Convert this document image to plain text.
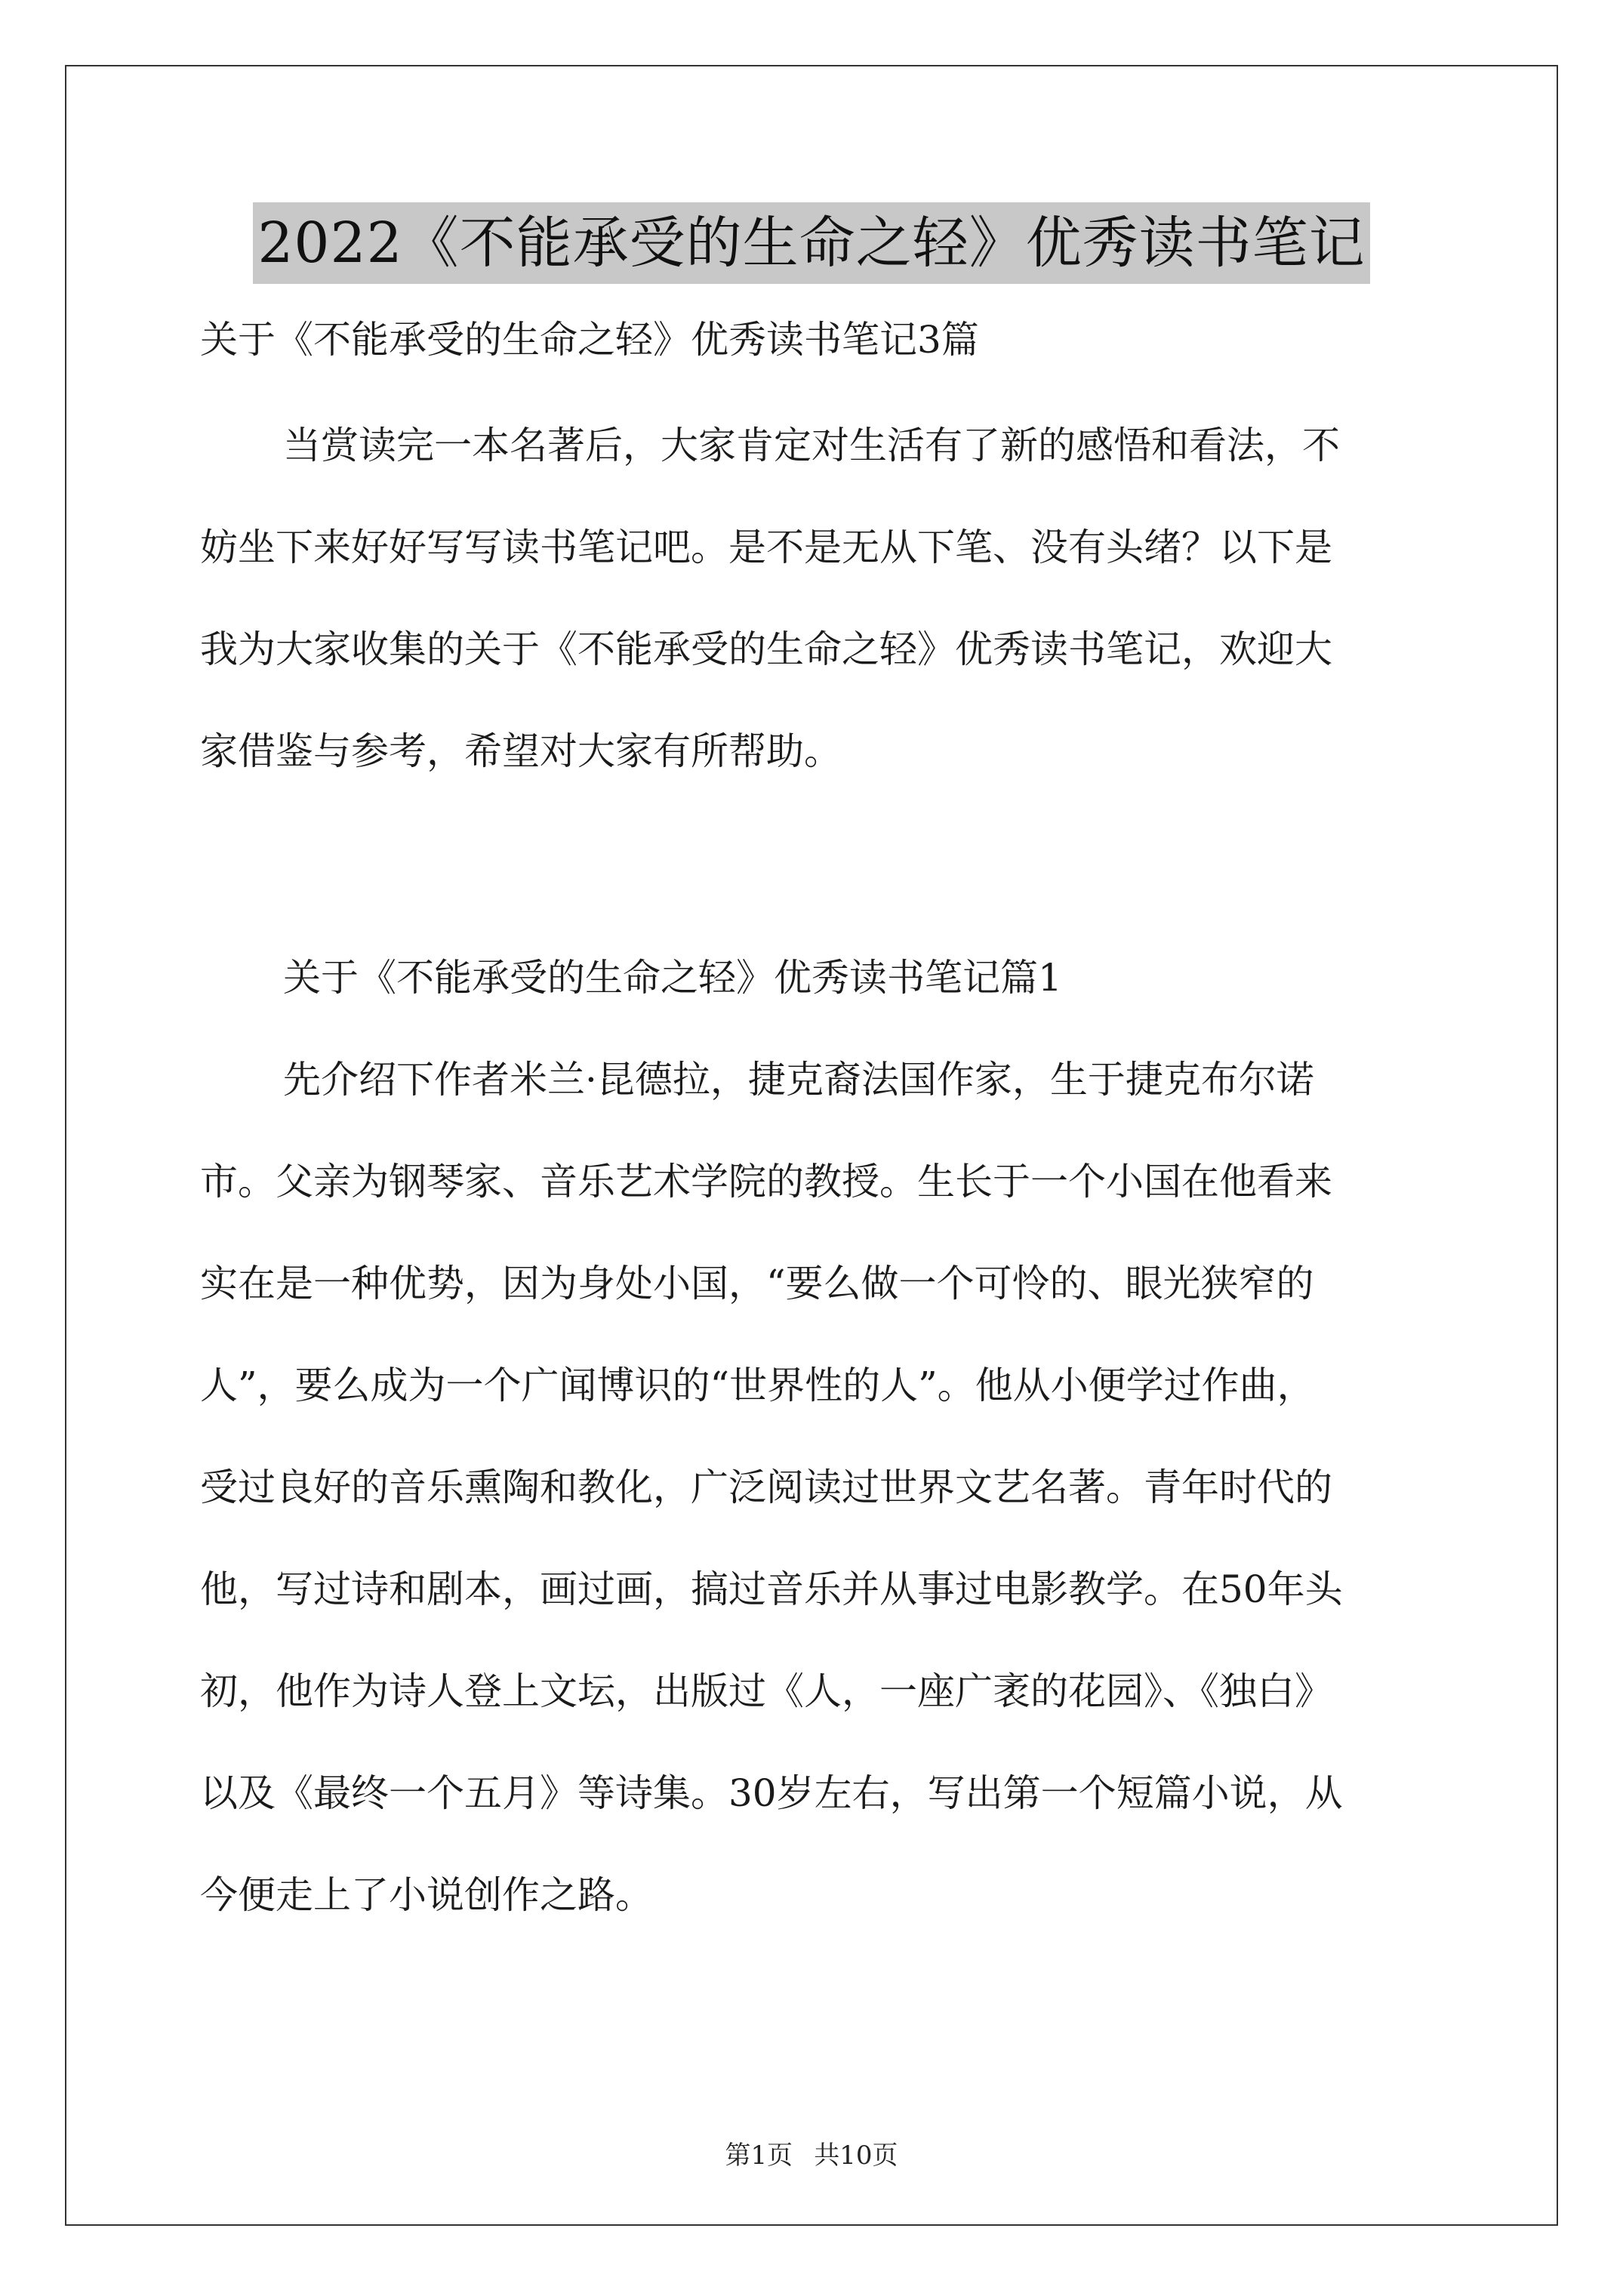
2022《不能承受的生命之轻》优秀读书笔记
关于《不能承受的生命之轻》优秀读书笔记3篇
当赏读完一本名著后，大家肯定对生活有了新的感悟和看法，不
妨坐下来好好写写读书笔记吧。是不是无从下笔、没有头绪？以下是
我为大家收集的关于《不能承受的生命之轻》优秀读书笔记，欢迎大
家借鉴与参考，希望对大家有所帮助。
关于《不能承受的生命之轻》优秀读书笔记篇1
先介绍下作者米兰·昆德拉，捷克裔法国作家，生于捷克布尔诺
市。父亲为钢琴家、音乐艺术学院的教授。生长于一个小国在他看来
实在是一种优势，因为身处小国，“要么做一个可怜的、眼光狭窄的
人”，要么成为一个广闻博识的“世界性的人”。他从小便学过作曲，
受过良好的音乐熏陶和教化，广泛阅读过世界文艺名著。青年时代的
他，写过诗和剧本，画过画，搞过音乐并从事过电影教学。在50年头
初，他作为诗人登上文坛，出版过《人，一座广袤的花园》、《独白》
以及《最终一个五月》等诗集。30岁左右，写出第一个短篇小说，从
今便走上了小说创作之路。
第1页 共10页
